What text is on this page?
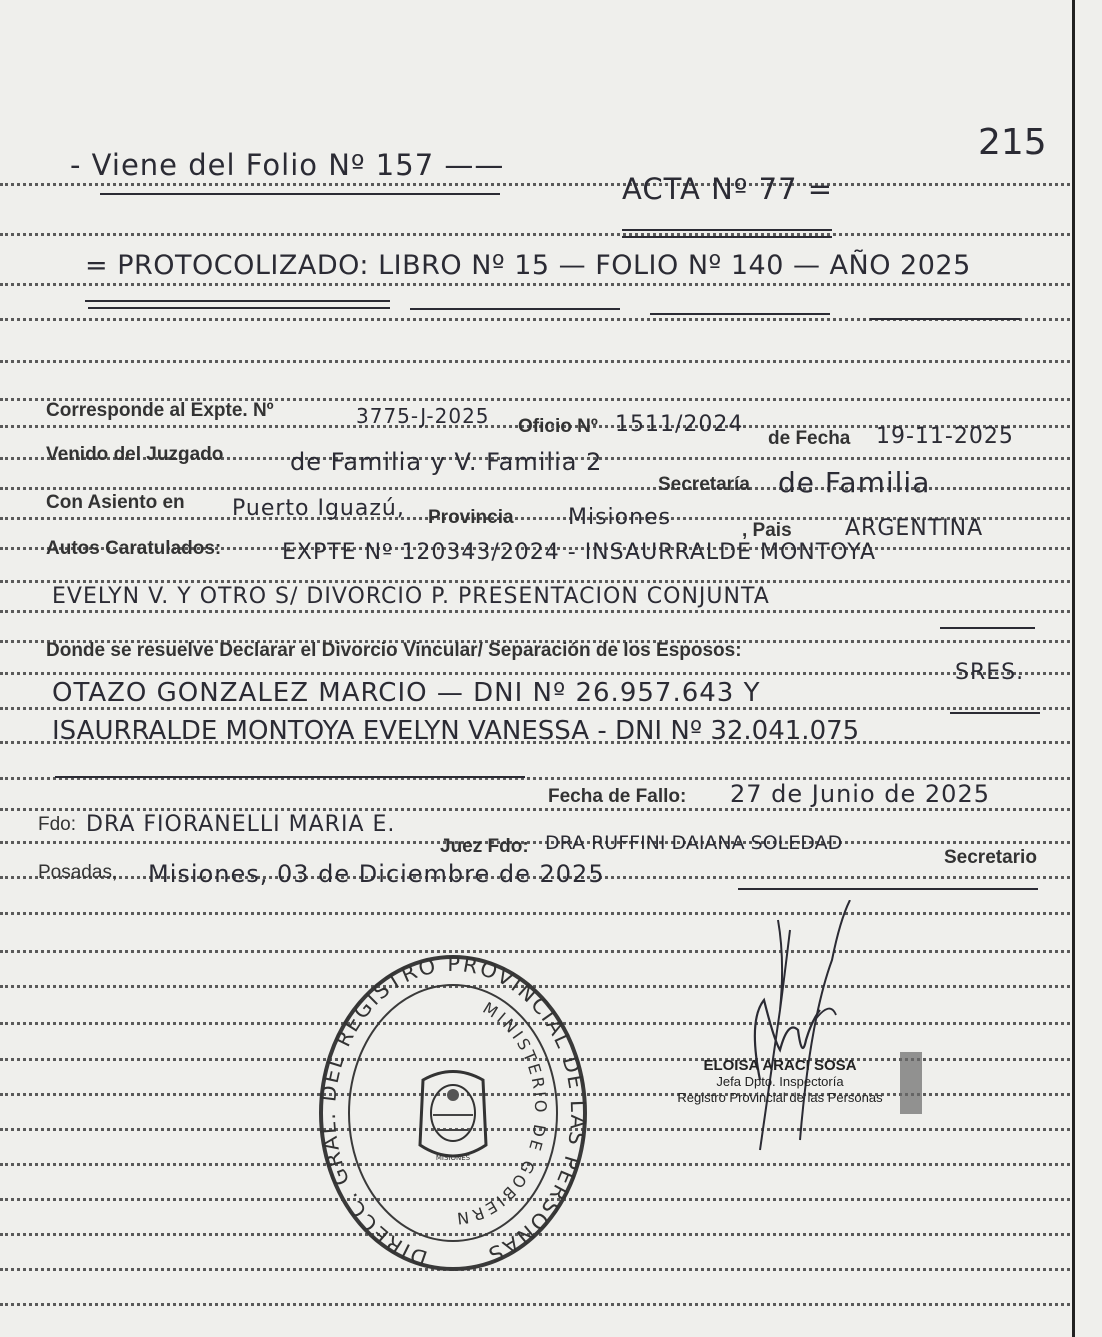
215
- Viene del Folio Nº 157 ——
ACTA Nº 77 =
= PROTOCOLIZADO: LIBRO Nº 15 — FOLIO Nº 140 — AÑO 2025
Corresponde al Expte. Nº	3775-J-2025 Oficio Nº 1511/2024
de Fecha 19-11-2025
Venido del Juzgado	de Familia y V. Familia 2
Secretaría de Familia
Con Asiento en Puerto Iguazú, Provincia Misiones
, Pais ARGENTINA
Autos Caratulados:	EXPTE Nº 120343/2024 - INSAURRALDE MONTOYA
EVELYN V. Y OTRO S/ DIVORCIO P. PRESENTACION CONJUNTA
Donde se resuelve Declarar el Divorcio Vincular/ Separación de los Esposos:
SRES.
OTAZO GONZALEZ MARCIO — DNI Nº 26.957.643 Y
ISAURRALDE MONTOYA EVELYN VANESSA - DNI Nº 32.041.075
Fecha de Fallo: 27 de Junio de 2025
Fdo: DRA FIORANELLI MARIA E.
Juez Fdo: DRA RUFFINI DAIANA SOLEDAD
Secretario
Posadas, Misiones, 03 de Diciembre de 2025
DIRECC. GRAL. DEL REGISTRO PROVINCIAL DE LAS PERSONAS
MINISTERIO DE GOBIERN
MISIONES
ELOISA ARACI SOSA
Jefa Dpto. Inspectoría
Registro Provincial de las Personas
